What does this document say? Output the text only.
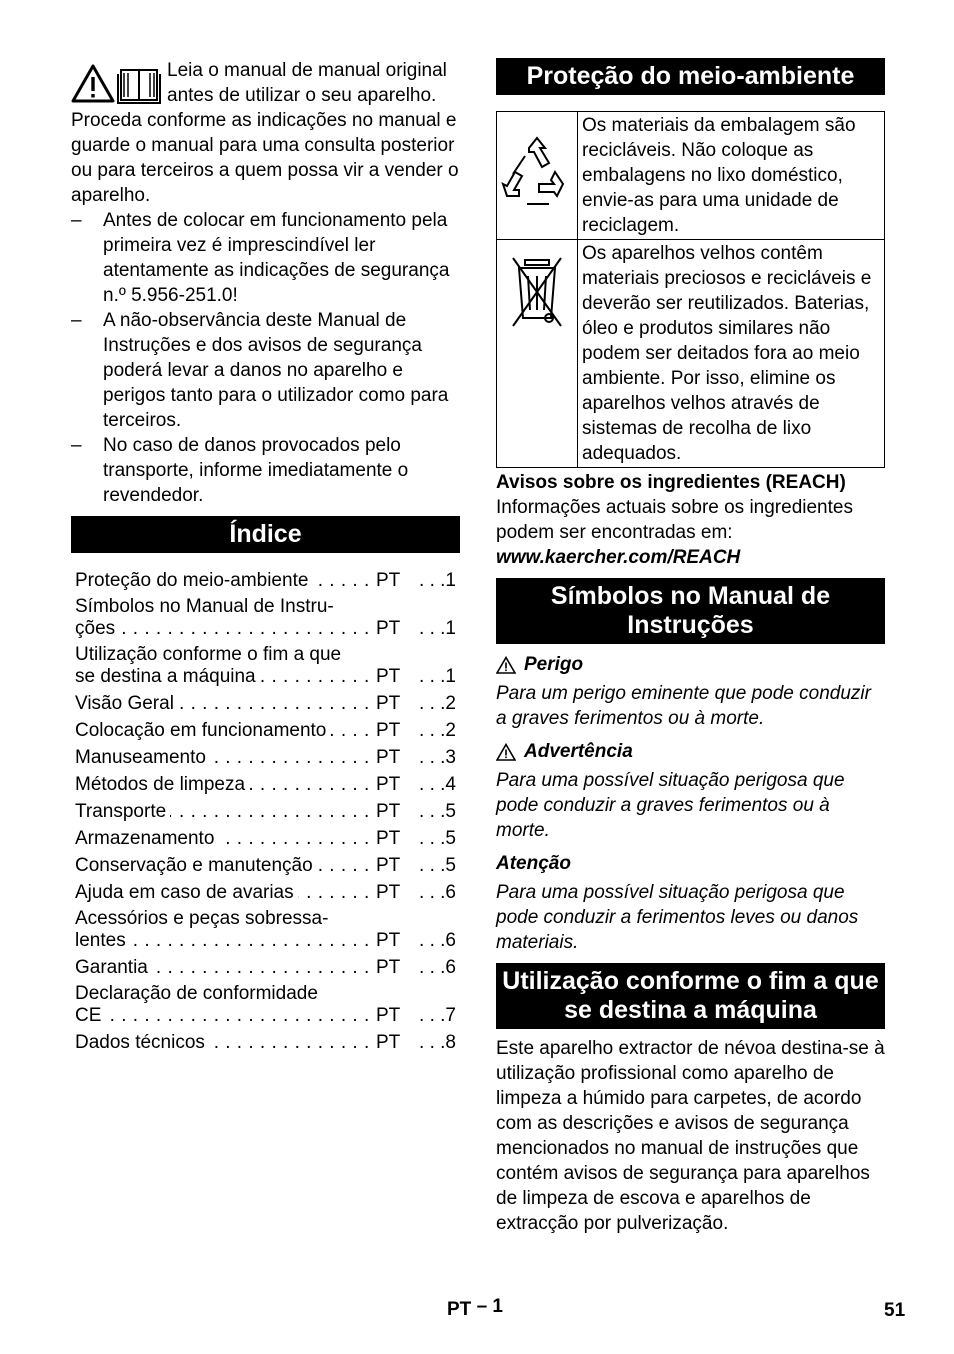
Leia o manual de manual original antes de utilizar o seu aparelho. Proceda conforme as indicações no manual e guarde o manual para uma consulta posterior ou para terceiros a quem possa vir a vender o aparelho.

– Antes de colocar em funcionamento pela primeira vez é imprescindível ler atentamente as indicações de segurança n.º 5.956-251.0!
– A não-observância deste Manual de Instruções e dos avisos de segurança poderá levar a danos no aparelho e perigos tanto para o utilizador como para terceiros.
– No caso de danos provocados pelo transporte, informe imediatamente o revendedor.
Índice
Proteção do meio-ambiente . . .	PT . . .1
Símbolos no Manual de Instru-
ções . . .	PT . . .1
Utilização conforme o fim a que
se destina a máquina . . .	PT . . .1
Visão Geral . . .	PT . . .2
Colocação em funcionamento . . .	PT . . .2
Manuseamento . . .	PT . . .3
Métodos de limpeza . . .	PT . . .4
Transporte . . .	PT . . .5
Armazenamento . . .	PT . . .5
Conservação e manutenção . . .	PT . . .5
Ajuda em caso de avarias . . .	PT . . .6
Acessórios e peças sobressa-
lentes . . .	PT . . .6
Garantia . . .	PT . . .6
Declaração de conformidade
CE . . .	PT . . .7
Dados técnicos . . .	PT . . .8
Proteção do meio-ambiente
	Os materiais da embalagem são recicláveis. Não coloque as embalagens no lixo doméstico, envie-as para uma unidade de reciclagem.
	Os aparelhos velhos contêm materiais preciosos e recicláveis e deverão ser reutilizados. Baterias, óleo e produtos similares não podem ser deitados fora ao meio ambiente. Por isso, elimine os aparelhos velhos através de sistemas de recolha de lixo adequados.

Avisos sobre os ingredientes (REACH)

Informações actuais sobre os ingredientes podem ser encontradas em:

www.kaercher.com/REACH

Símbolos no Manual de Instruções
Perigo

Para um perigo eminente que pode conduzir a graves ferimentos ou à morte.

Advertência

Para uma possível situação perigosa que pode conduzir a graves ferimentos ou à morte.

Atenção

Para uma possível situação perigosa que pode conduzir a ferimentos leves ou danos materiais.

Utilização conforme o fim a que se destina a máquina

Este aparelho extractor de névoa destina-se à utilização profissional como aparelho de limpeza a húmido para carpetes, de acordo com as descrições e avisos de segurança mencionados no manual de instruções que contém avisos de segurança para aparelhos de limpeza de escova e aparelhos de extracção por pulverização.

PT – 1	51
